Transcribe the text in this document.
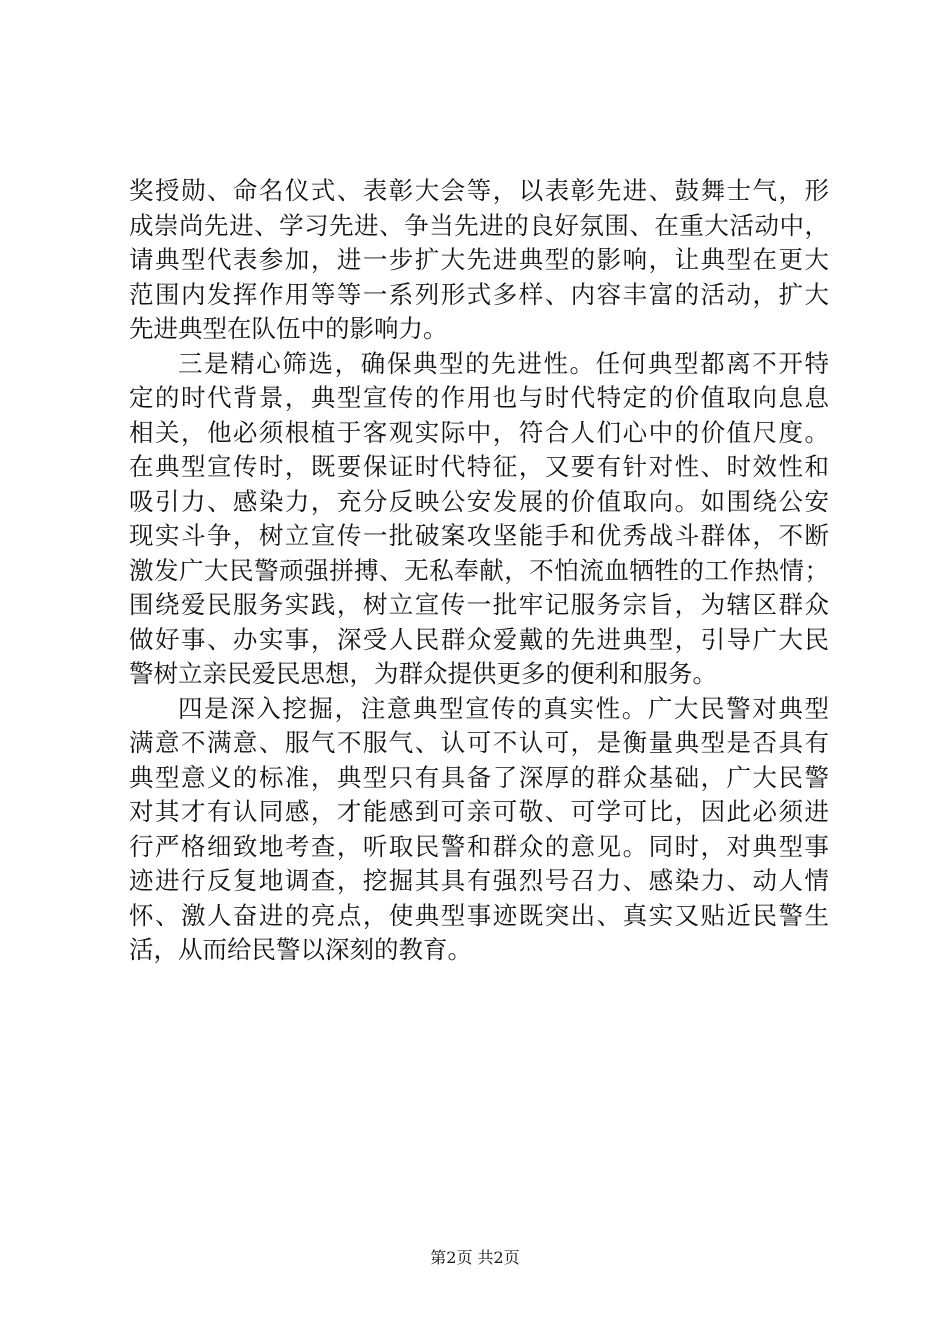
奖授勋、命名仪式、表彰大会等，以表彰先进、鼓舞士气，形
成崇尚先进、学习先进、争当先进的良好氛围、在重大活动中，
请典型代表参加，进一步扩大先进典型的影响，让典型在更大
范围内发挥作用等等一系列形式多样、内容丰富的活动，扩大
先进典型在队伍中的影响力。
三是精心筛选，确保典型的先进性。任何典型都离不开特
定的时代背景，典型宣传的作用也与时代特定的价值取向息息
相关，他必须根植于客观实际中，符合人们心中的价值尺度。
在典型宣传时，既要保证时代特征，又要有针对性、时效性和
吸引力、感染力，充分反映公安发展的价值取向。如围绕公安
现实斗争，树立宣传一批破案攻坚能手和优秀战斗群体，不断
激发广大民警顽强拼搏、无私奉献，不怕流血牺牲的工作热情；
围绕爱民服务实践，树立宣传一批牢记服务宗旨，为辖区群众
做好事、办实事，深受人民群众爱戴的先进典型，引导广大民
警树立亲民爱民思想，为群众提供更多的便利和服务。
四是深入挖掘，注意典型宣传的真实性。广大民警对典型
满意不满意、服气不服气、认可不认可，是衡量典型是否具有
典型意义的标准，典型只有具备了深厚的群众基础，广大民警
对其才有认同感，才能感到可亲可敬、可学可比，因此必须进
行严格细致地考查，听取民警和群众的意见。同时，对典型事
迹进行反复地调查，挖掘其具有强烈号召力、感染力、动人情
怀、激人奋进的亮点，使典型事迹既突出、真实又贴近民警生
活，从而给民警以深刻的教育。
第2页 共2页
